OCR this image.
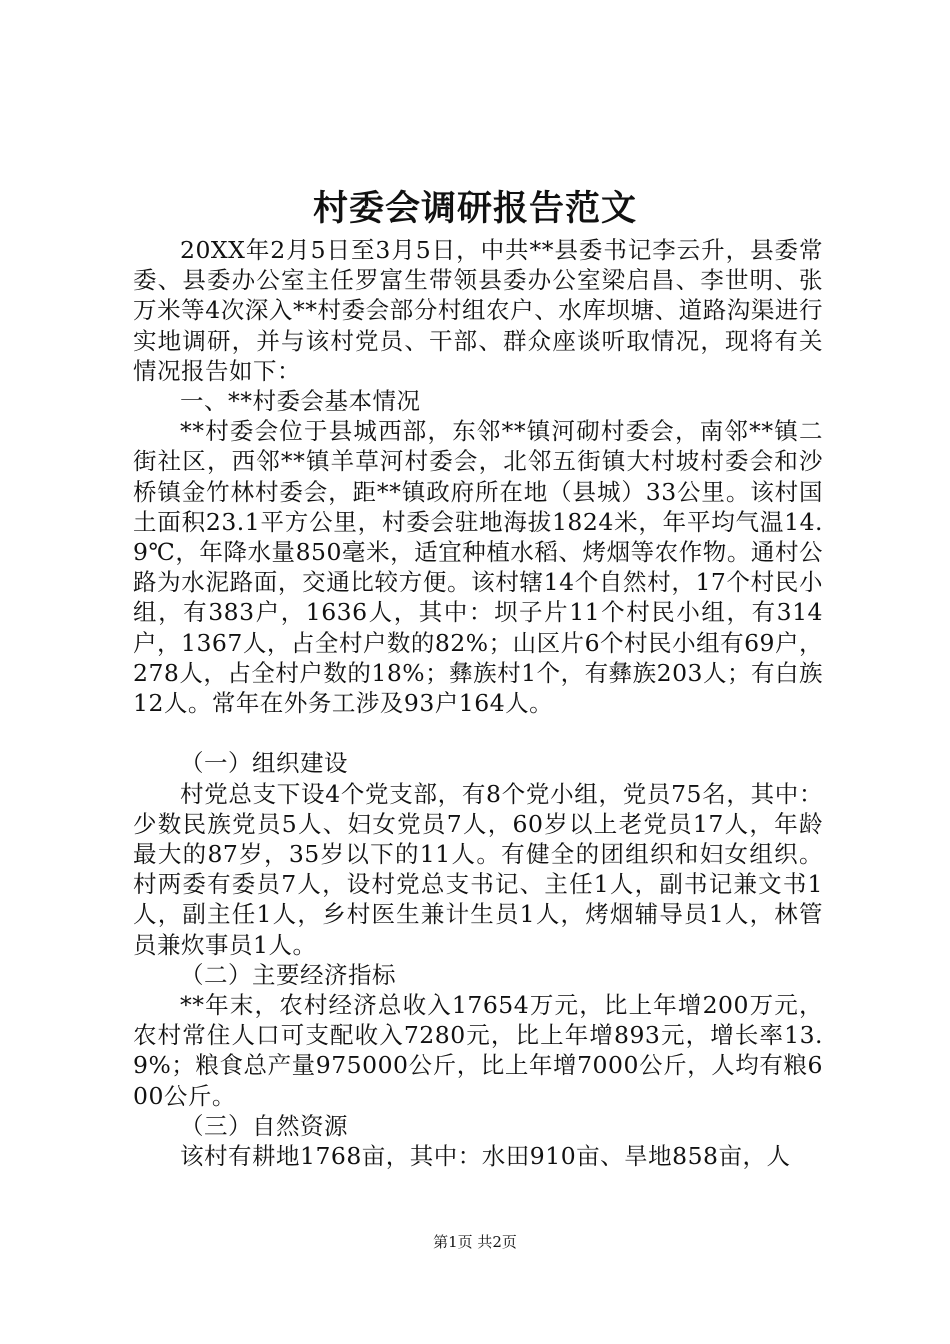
村委会调研报告范文

20XX年2月5日至3月5日，中共**县委书记李云升，县委常委、县委办公室主任罗富生带领县委办公室梁启昌、李世明、张万米等4次深入**村委会部分村组农户、水库坝塘、道路沟渠进行实地调研，并与该村党员、干部、群众座谈听取情况，现将有关情况报告如下：

一、**村委会基本情况

**村委会位于县城西部，东邻**镇河砌村委会，南邻**镇二街社区，西邻**镇羊草河村委会，北邻五街镇大村坡村委会和沙桥镇金竹林村委会，距**镇政府所在地（县城）33公里。该村国土面积23.1平方公里，村委会驻地海拔1824米，年平均气温14.9℃，年降水量850毫米，适宜种植水稻、烤烟等农作物。通村公路为水泥路面，交通比较方便。该村辖14个自然村，17个村民小组，有383户，1636人，其中：坝子片11个村民小组，有314户，1367人，占全村户数的82%；山区片6个村民小组有69户，278人，占全村户数的18%；彝族村1个，有彝族203人；有白族12人。常年在外务工涉及93户164人。

（一）组织建设

村党总支下设4个党支部，有8个党小组，党员75名，其中：少数民族党员5人、妇女党员7人，60岁以上老党员17人，年龄最大的87岁，35岁以下的11人。有健全的团组织和妇女组织。村两委有委员7人，设村党总支书记、主任1人，副书记兼文书1人，副主任1人，乡村医生兼计生员1人，烤烟辅导员1人，林管员兼炊事员1人。

（二）主要经济指标

**年末，农村经济总收入17654万元，比上年增200万元，农村常住人口可支配收入7280元，比上年增893元，增长率13.9%；粮食总产量975000公斤，比上年增7000公斤，人均有粮600公斤。

（三）自然资源

该村有耕地1768亩，其中：水田910亩、旱地858亩，人

第1页 共2页
